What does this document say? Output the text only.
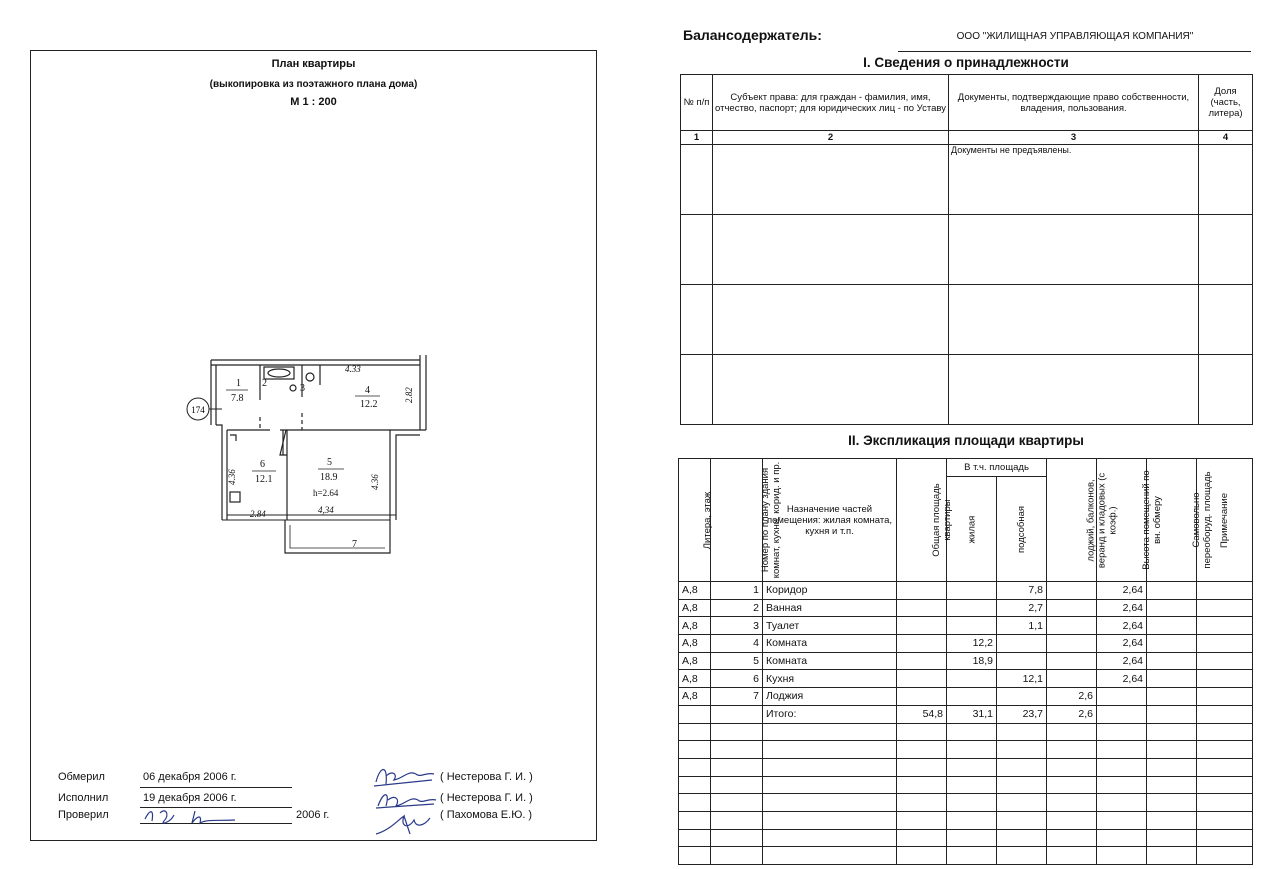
План квартиры
(выкопировка из поэтажного плана дома)
М 1 : 200
174
1
7.8
2	3	4
12.2
5
18.9
h=2.64
6
12.1
7
4.33
2.84	4,34
2.82
4.36	4.36
Обмерил	06 декабря 2006 г.	( Нестерова Г. И. )
Исполнил	19 декабря 2006 г.	( Нестерова Г. И. )
Проверил	2006 г.	( Пахомова Е.Ю. )
Балансодержатель:	ООО "ЖИЛИЩНАЯ УПРАВЛЯЮЩАЯ КОМПАНИЯ"
I. Сведения о принадлежности
№ п/п	Субъект права: для граждан - фамилия, имя, отчество, паспорт; для юридических лиц - по Уставу	Документы, подтверждающие право собственности, владения, пользования.	Доля (часть, литера)
1	2	3	4
		Документы не предъявлены.	

II. Экспликация площади квартиры
Литера, этаж	Номер по плану здания комнат, кухни, корид. и пр.	Назначение частей помещения: жилая комната, кухня и т.п.	Общая площадь квартиры	В т.ч. площадь		лоджий, балконов, веранд и кладовых (с коэф.)	Высота помещений по вн. обмеру	Самовольно переоборуд. площадь	Примечание
				жилая	подсобная				
А,8	1	Коридор			7,8		2,64		
А,8	2	Ванная			2,7		2,64		
А,8	3	Туалет			1,1		2,64		
А,8	4	Комната		12,2			2,64		
А,8	5	Комната		18,9			2,64		
А,8	6	Кухня			12,1		2,64		
А,8	7	Лоджия				2,6			
		Итого:	54,8	31,1	23,7	2,6			
